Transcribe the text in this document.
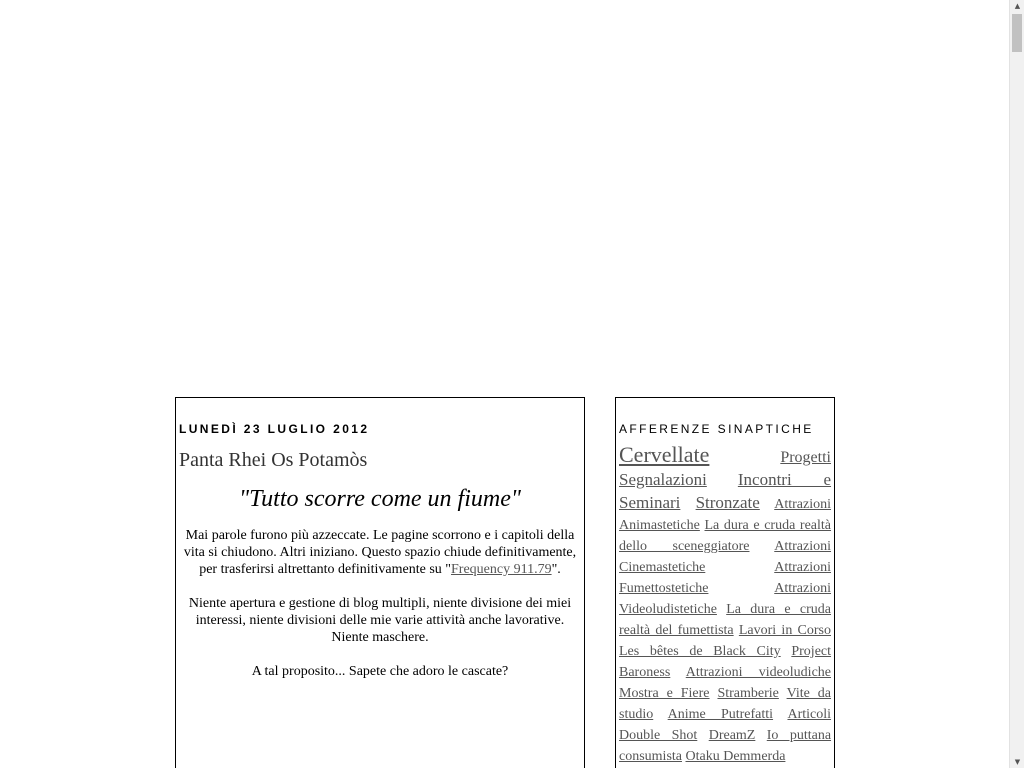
LUNEDÌ 23 LUGLIO 2012
Panta Rhei Os Potamòs
"Tutto scorre come un fiume"

Mai parole furono più azzeccate. Le pagine scorrono e i capitoli della vita si chiudono. Altri iniziano. Questo spazio chiude definitivamente, per trasferirsi altrettanto definitivamente su "Frequency 911.79".

Niente apertura e gestione di blog multipli, niente divisione dei miei interessi, niente divisioni delle mie varie attività anche lavorative. Niente maschere.

A tal proposito... Sapete che adoro le cascate?

AFFERENZE SINAPTICHE
Cervellate	Progetti Segnalazioni Incontri e Seminari Stronzate Attrazioni Animastetiche La dura e cruda realtà dello sceneggiatore Attrazioni Cinemastetiche	Attrazioni Fumettostetiche	Attrazioni Videoludistetiche La dura e cruda realtà del fumettista Lavori in Corso Les bêtes de Black City Project Baroness Attrazioni videoludiche Mostra e Fiere Stramberie Vite da studio Anime Putrefatti Articoli Double Shot DreamZ Io puttana consumista Otaku Demmerda
▲
▼
